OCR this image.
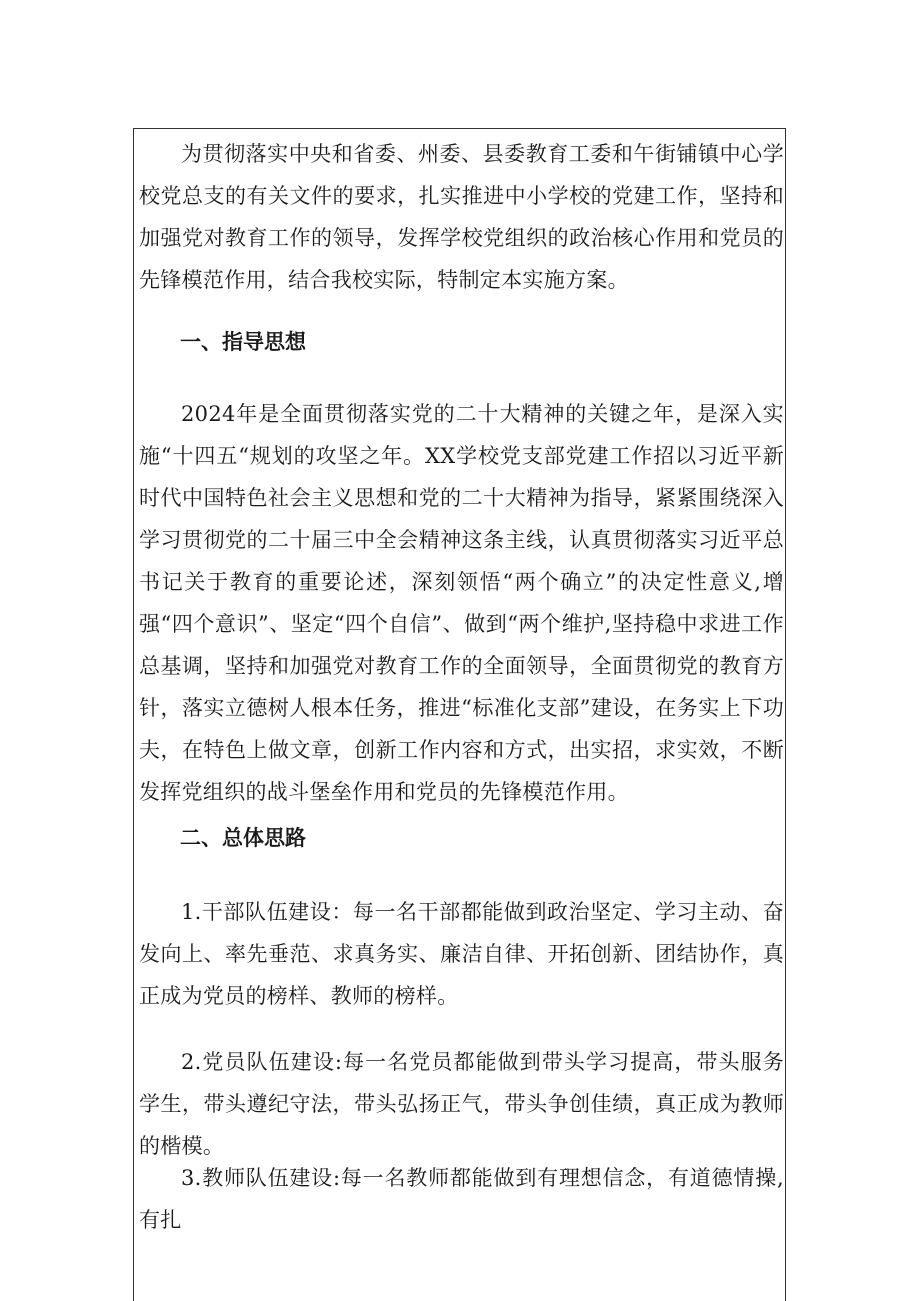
为贯彻落实中央和省委、州委、县委教育工委和午街铺镇中心学校党总支的有关文件的要求，扎实推进中小学校的党建工作，坚持和加强党对教育工作的领导，发挥学校党组织的政治核心作用和党员的先锋模范作用，结合我校实际，特制定本实施方案。

一、指导思想

2024年是全面贯彻落实党的二十大精神的关键之年，是深入实施“十四五“规划的攻坚之年。XX学校党支部党建工作招以习近平新时代中国特色社会主义思想和党的二十大精神为指导，紧紧围绕深入学习贯彻党的二十届三中全会精神这条主线，认真贯彻落实习近平总书记关于教育的重要论述，深刻领悟“两个确立”的决定性意义,增强“四个意识”、坚定“四个自信”、做到“两个维护,坚持稳中求进工作总基调，坚持和加强党对教育工作的全面领导，全面贯彻党的教育方针，落实立德树人根本任务，推进“标准化支部”建设，在务实上下功夫，在特色上做文章，创新工作内容和方式，出实招，求实效，不断发挥党组织的战斗堡垒作用和党员的先锋模范作用。

二、总体思路

1.干部队伍建设：每一名干部都能做到政治坚定、学习主动、奋发向上、率先垂范、求真务实、廉洁自律、开拓创新、团结协作，真正成为党员的榜样、教师的榜样。

2.党员队伍建设:每一名党员都能做到带头学习提高，带头服务学生，带头遵纪守法，带头弘扬正气，带头争创佳绩，真正成为教师的楷模。

3.教师队伍建设:每一名教师都能做到有理想信念，有道德情操,有扎
